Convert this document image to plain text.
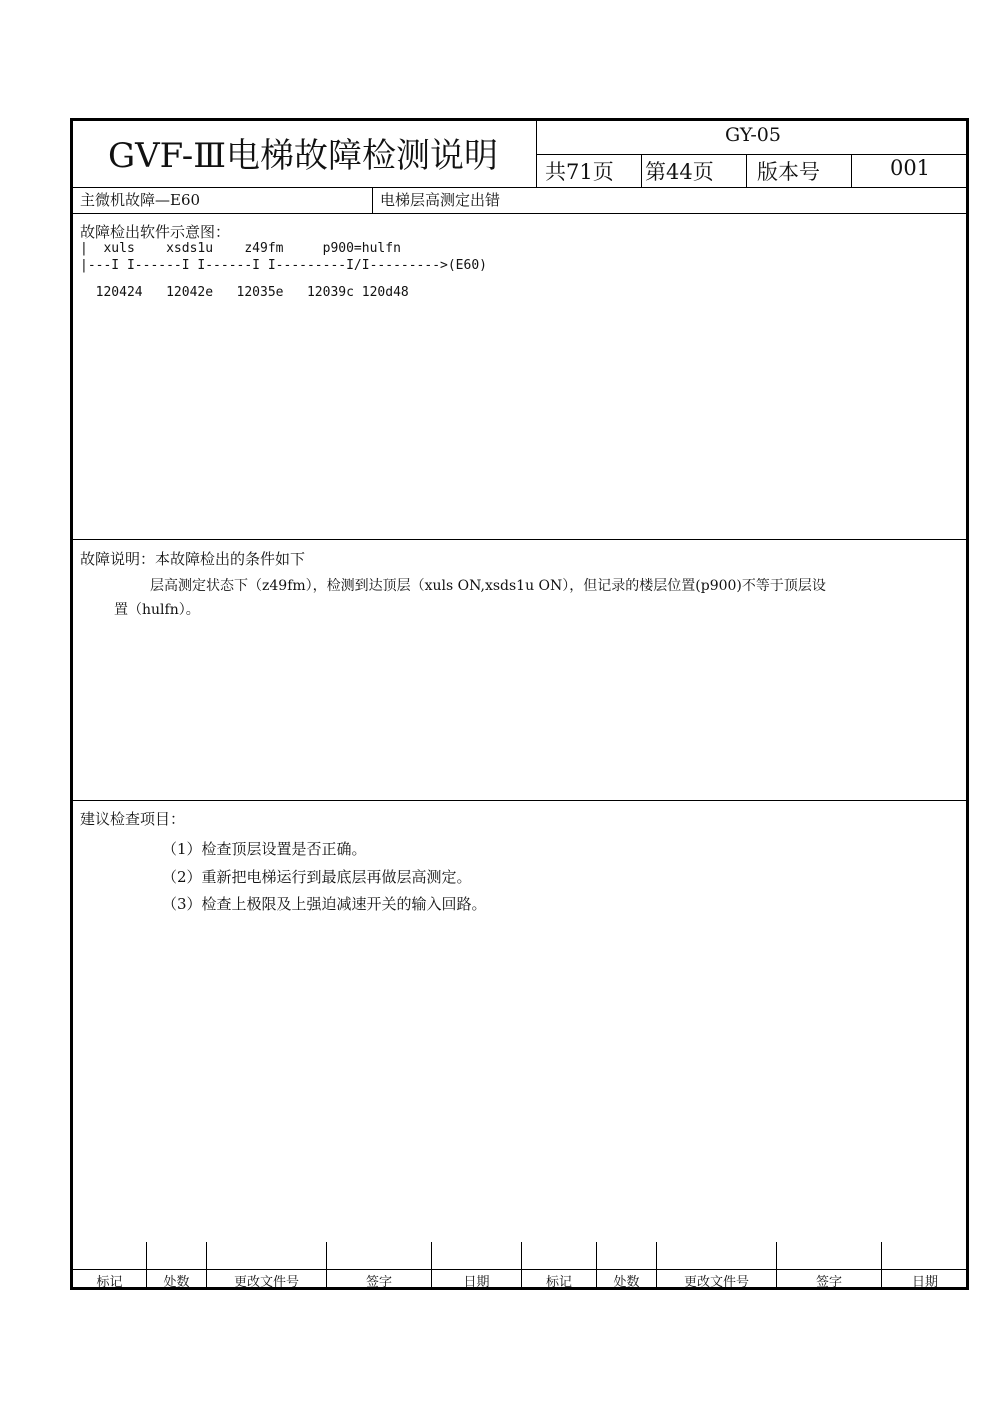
GVF-Ⅲ电梯故障检测说明
GY-05
共71页 第44页 版本号	001
主微机故障—E60	电梯层高测定出错
故障检出软件示意图：
|  xuls    xsds1u    z49fm     p900=hulfn
|---I I------I I------I I---------I/I--------->(E60)
120424   12042e   12035e   12039c 120d48
故障说明：本故障检出的条件如下
层高测定状态下（z49fm），检测到达顶层（xuls ON,xsds1u ON），但记录的楼层位置(p900)不等于顶层设
置（hulfn）。
建议检查项目：
（1）检查顶层设置是否正确。
（2）重新把电梯运行到最底层再做层高测定。
（3）检查上极限及上强迫减速开关的输入回路。
标记	处数	更改文件号	签字	日期	标记	处数	更改文件号	签字	日期
